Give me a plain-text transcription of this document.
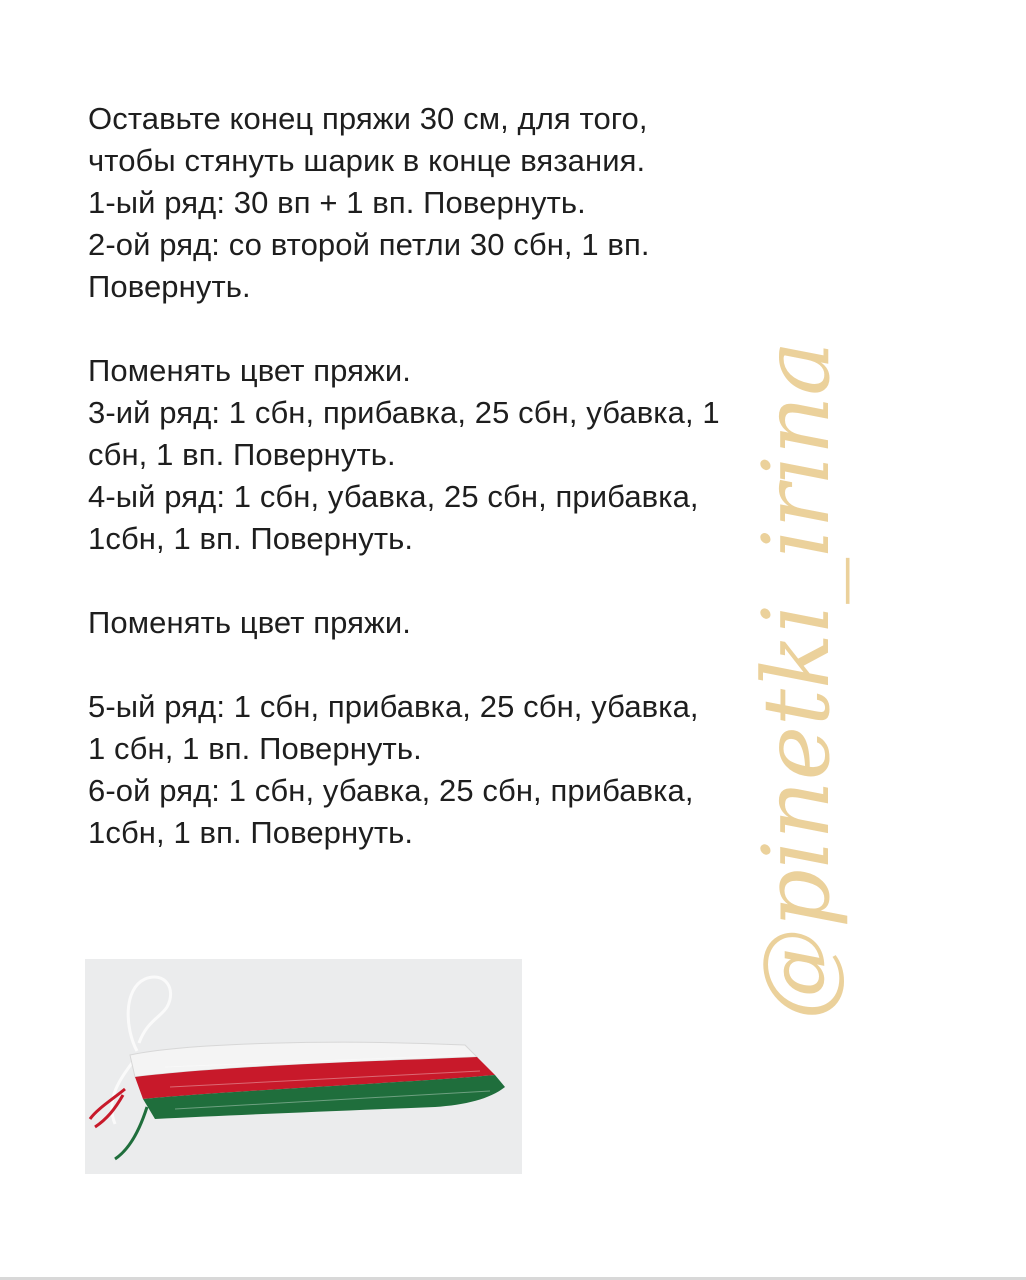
Оставьте конец пряжи 30 см, для того,

чтобы стянуть шарик в конце вязания.

1-ый ряд: 30 вп + 1 вп. Повернуть.

2-ой ряд: со второй петли 30 сбн, 1 вп.

Повернуть.

Поменять цвет пряжи.

3-ий ряд: 1 сбн, прибавка, 25 сбн, убавка, 1

сбн, 1 вп. Повернуть.

4-ый ряд: 1 сбн, убавка, 25 сбн, прибавка,

1сбн, 1 вп. Повернуть.

Поменять цвет пряжи.

5-ый ряд: 1 сбн, прибавка, 25 сбн, убавка,

1 сбн, 1 вп. Повернуть.

6-ой ряд: 1 сбн, убавка, 25 сбн, прибавка,

1сбн, 1 вп. Повернуть.	@pinetki_irina
